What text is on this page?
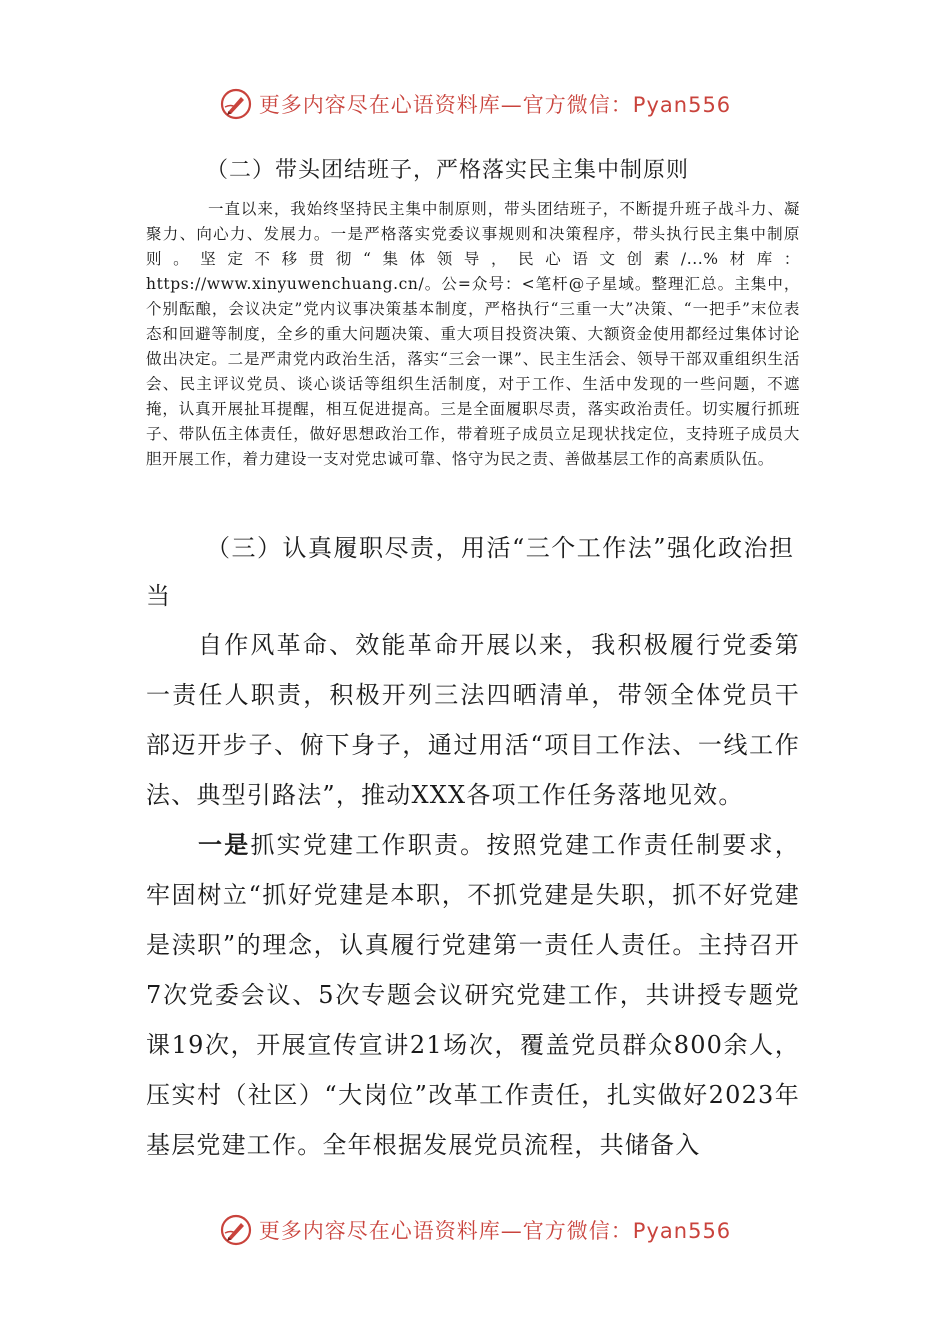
更多内容尽在心语资料库—官方微信：Pyan556
（二）带头团结班子，严格落实民主集中制原则
一直以来，我始终坚持民主集中制原则，带头团结班子，不断提升班子战斗力、凝聚力、向心力、发展力。一是严格落实党委议事规则和决策程序，带头执行民主集中制原则。坚定不移贯彻“集体领导，民心语文创素/...%材库：https://www.xinyuwenchuang.cn/。公=众号：<笔杆@子星域。整理汇总。主集中，个别酝酿，会议决定”党内议事决策基本制度，严格执行“三重一大”决策、“一把手”末位表态和回避等制度，全乡的重大问题决策、重大项目投资决策、大额资金使用都经过集体讨论做出决定。二是严肃党内政治生活，落实“三会一课”、民主生活会、领导干部双重组织生活会、民主评议党员、谈心谈话等组织生活制度，对于工作、生活中发现的一些问题，不遮掩，认真开展扯耳提醒，相互促进提高。三是全面履职尽责，落实政治责任。切实履行抓班子、带队伍主体责任，做好思想政治工作，带着班子成员立足现状找定位，支持班子成员大胆开展工作，着力建设一支对党忠诚可靠、恪守为民之责、善做基层工作的高素质队伍。
（三）认真履职尽责，用活“三个工作法”强化政治担当
自作风革命、效能革命开展以来，我积极履行党委第一责任人职责，积极开列三法四晒清单，带领全体党员干部迈开步子、俯下身子，通过用活“项目工作法、一线工作法、典型引路法”，推动XXX各项工作任务落地见效。
一是抓实党建工作职责。按照党建工作责任制要求，牢固树立“抓好党建是本职，不抓党建是失职，抓不好党建是渎职”的理念，认真履行党建第一责任人责任。主持召开7次党委会议、5次专题会议研究党建工作，共讲授专题党课19次，开展宣传宣讲21场次，覆盖党员群众800余人，压实村（社区）“大岗位”改革工作责任，扎实做好2023年基层党建工作。全年根据发展党员流程，共储备入
更多内容尽在心语资料库—官方微信：Pyan556
